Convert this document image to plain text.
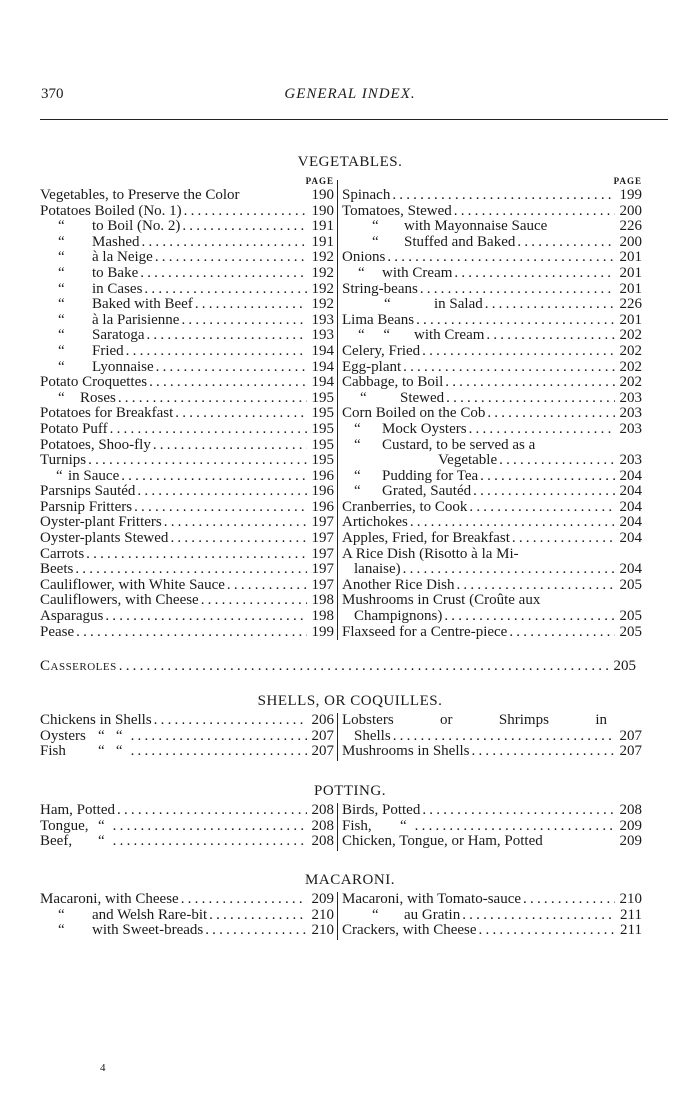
370	GENERAL INDEX.
VEGETABLES.
PAGE
Vegetables, to Preserve the Color	190
Potatoes Boiled (No. 1) .....	190
“	to Boil (No. 2) .....	191
“	Mashed .....	191
“	à la Neige .....	192
“	to Bake .....	192
“	in Cases .....	192
“	Baked with Beef .....	192
“	à la Parisienne .....	193
“	Saratoga .....	193
“	Fried .....	194
“	Lyonnaise .....	194
Potato Croquettes .....	194
“	Roses .....	195
Potatoes for Breakfast .....	195
Potato Puff .....	195
Potatoes, Shoo-fly .....	195
Turnips .....	195
“ in Sauce .....	196
Parsnips Sautéd .....	196
Parsnip Fritters .....	196
Oyster-plant Fritters .....	197
Oyster-plants Stewed .....	197
Carrots .....	197
Beets .....	197
Cauliflower, with White Sauce .....	197
Cauliflowers, with Cheese .....	198
Asparagus .....	198
Pease .....	199
PAGE
Spinach .....	199
Tomatoes, Stewed .....	200
“	with Mayonnaise Sauce	226
“	Stuffed and Baked .....	200
Onions .....	201
“	with Cream .....	201
String-beans .....	201
“	in Salad .....	226
Lima Beans .....	201
“     “	with Cream .....	202
Celery, Fried .....	202
Egg-plant .....	202
Cabbage, to Boil .....	202
“	Stewed .....	203
Corn Boiled on the Cob .....	203
“	Mock Oysters .....	203
“	Custard, to be served as a
Vegetable .....	203
“	Pudding for Tea .....	204
“	Grated, Sautéd .....	204
Cranberries, to Cook .....	204
Artichokes .....	204
Apples, Fried, for Breakfast .....	204
A Rice Dish (Risotto à la Mi-
lanaise) .....	204
Another Rice Dish .....	205
Mushrooms in Crust (Croûte aux
Champignons) .....	205
Flaxseed for a Centre-piece .....	205
Casseroles .....	205
SHELLS, OR COQUILLES.
Chickens in Shells .....	206
Oysters “   “ .....	207
Fish	“   “ .....	207
Lobsters	or	Shrimps	in
Shells .....	207
Mushrooms in Shells .....	207
POTTING.
Ham, Potted .....	208
Tongue, “ .....	208
Beef,	“ .....	208
Birds, Potted .....	208
Fish,	“ .....	209
Chicken, Tongue, or Ham, Potted	209
MACARONI.
Macaroni, with Cheese .....	209
“	and Welsh Rare-bit .....	210
“	with Sweet-breads .....	210
Macaroni, with Tomato-sauce .....	210
“	au Gratin .....	211
Crackers, with Cheese .....	211
4
